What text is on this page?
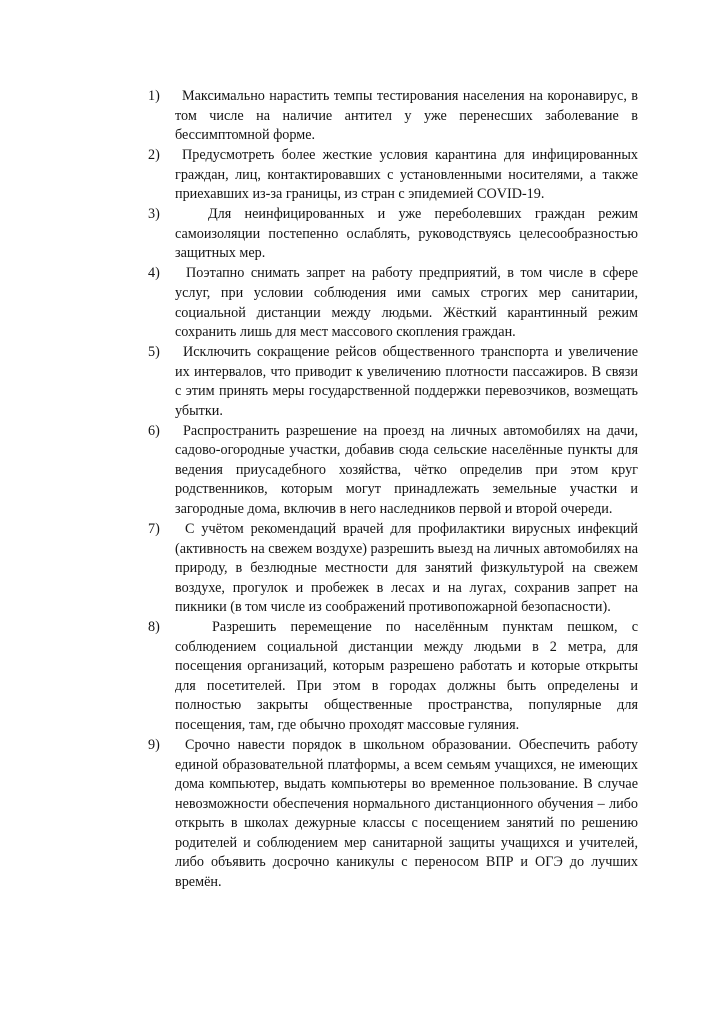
1)	Максимально нарастить темпы тестирования населения на коронавирус, в том числе на наличие антител у уже перенесших заболевание в бессимптомной форме.
2)	Предусмотреть более жесткие условия карантина для инфицированных граждан, лиц, контактировавших с установленными носителями, а также приехавших из-за границы, из стран с эпидемией COVID-19.
3)	Для неинфицированных и уже переболевших граждан режим самоизоляции постепенно ослаблять, руководствуясь целесообразностью защитных мер.
4)	Поэтапно снимать запрет на работу предприятий, в том числе в сфере услуг, при условии соблюдения ими самых строгих мер санитарии, социальной дистанции между людьми. Жёсткий карантинный режим сохранить лишь для мест массового скопления граждан.
5)	Исключить сокращение рейсов общественного транспорта и увеличение их интервалов, что приводит к увеличению плотности пассажиров. В связи с этим принять меры государственной поддержки перевозчиков, возмещать убытки.
6)	Распространить разрешение на проезд на личных автомобилях на дачи, садово-огородные участки, добавив сюда сельские населённые пункты для ведения приусадебного хозяйства, чётко определив при этом круг родственников, которым могут принадлежать земельные участки и загородные дома, включив в него наследников первой и второй очереди.
7)	С учётом рекомендаций врачей для профилактики вирусных инфекций (активность на свежем воздухе) разрешить выезд на личных автомобилях на природу, в безлюдные местности для занятий физкультурой на свежем воздухе, прогулок и пробежек в лесах и на лугах, сохранив запрет на пикники (в том числе из соображений противопожарной безопасности).
8)	Разрешить перемещение по населённым пунктам пешком, с соблюдением социальной дистанции между людьми в 2 метра, для посещения организаций, которым разрешено работать и которые открыты для посетителей. При этом в городах должны быть определены и полностью закрыты общественные пространства, популярные для посещения, там, где обычно проходят массовые гуляния.
9)	Срочно навести порядок в школьном образовании. Обеспечить работу единой образовательной платформы, а всем семьям учащихся, не имеющих дома компьютер, выдать компьютеры во временное пользование. В случае невозможности обеспечения нормального дистанционного обучения – либо открыть в школах дежурные классы с посещением занятий по решению родителей и соблюдением мер санитарной защиты учащихся и учителей, либо объявить досрочно каникулы с переносом ВПР и ОГЭ до лучших времён.
